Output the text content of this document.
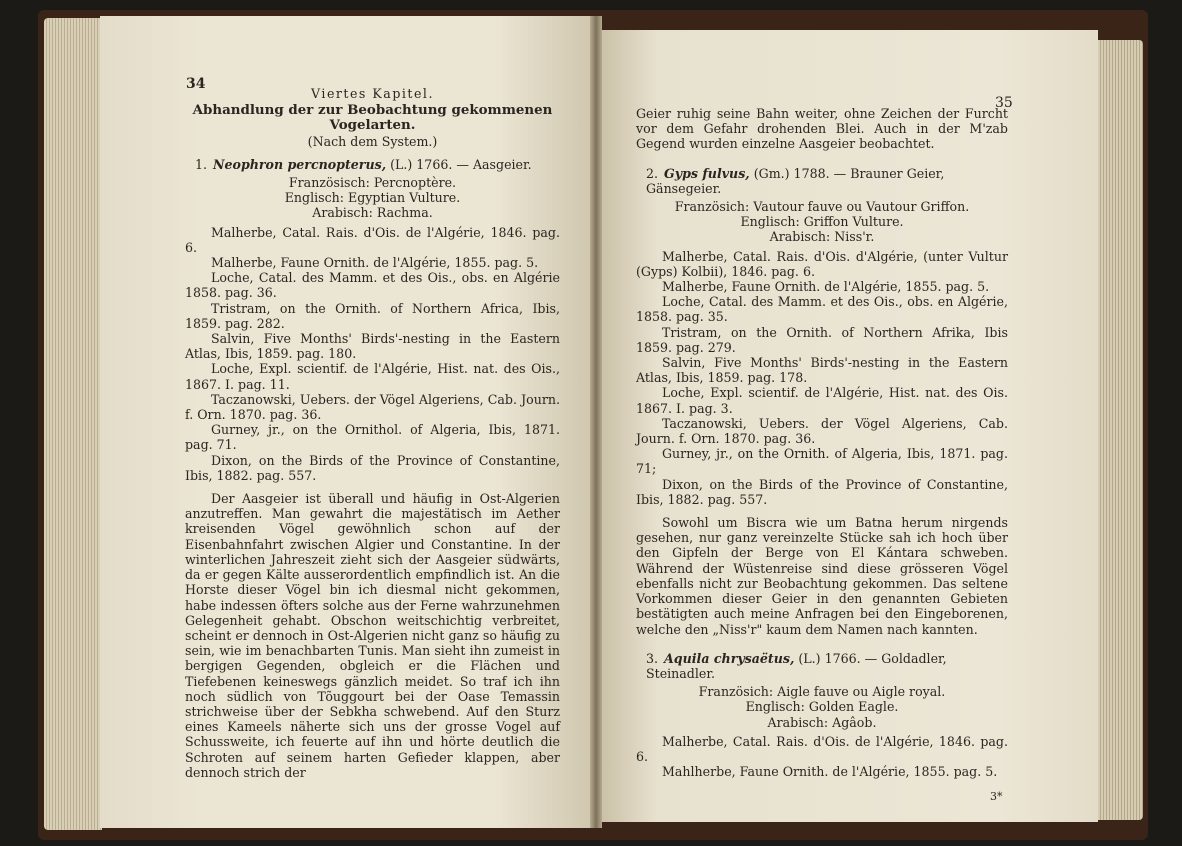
34
Viertes Kapitel.
Abhandlung der zur Beobachtung gekommenen Vogelarten.
(Nach dem System.)
1. Neophron percnopterus, (L.) 1766. — Aasgeier.
Französisch: Percnoptère.
Englisch: Egyptian Vulture.
Arabisch: Rachma.
Malherbe, Catal. Rais. d'Ois. de l'Algérie, 1846. pag. 6.
Malherbe, Faune Ornith. de l'Algérie, 1855. pag. 5.
Loche, Catal. des Mamm. et des Ois., obs. en Algérie 1858. pag. 36.
Tristram, on the Ornith. of Northern Africa, Ibis, 1859. pag. 282.
Salvin, Five Months' Birds'-nesting in the Eastern Atlas, Ibis, 1859. pag. 180.
Loche, Expl. scientif. de l'Algérie, Hist. nat. des Ois., 1867. I. pag. 11.
Taczanowski, Uebers. der Vögel Algeriens, Cab. Journ. f. Orn. 1870. pag. 36.
Gurney, jr., on the Ornithol. of Algeria, Ibis, 1871. pag. 71.
Dixon, on the Birds of the Province of Constantine, Ibis, 1882. pag. 557.
Der Aasgeier ist überall und häufig in Ost-Algerien anzutreffen. Man gewahrt die majestätisch im Aether kreisenden Vögel gewöhnlich schon auf der Eisenbahnfahrt zwischen Algier und Constantine. In der winterlichen Jahreszeit zieht sich der Aasgeier südwärts, da er gegen Kälte ausserordentlich empfindlich ist. An die Horste dieser Vögel bin ich diesmal nicht gekommen, habe indessen öfters solche aus der Ferne wahrzunehmen Gelegenheit gehabt. Obschon weitschichtig verbreitet, scheint er dennoch in Ost-Algerien nicht ganz so häufig zu sein, wie im benachbarten Tunis. Man sieht ihn zumeist in bergigen Gegenden, obgleich er die Flächen und Tiefebenen keineswegs gänzlich meidet. So traf ich ihn noch südlich von Tõuggourt bei der Oase Temassin strichweise über der Sebkha schwebend. Auf den Sturz eines Kameels näherte sich uns der grosse Vogel auf Schussweite, ich feuerte auf ihn und hörte deutlich die Schroten auf seinem harten Gefieder klappen, aber dennoch strich der
35
Geier ruhig seine Bahn weiter, ohne Zeichen der Furcht vor dem Gefahr drohenden Blei. Auch in der M'zab Gegend wurden einzelne Aasgeier beobachtet.
2. Gyps fulvus, (Gm.) 1788. — Brauner Geier, Gänsegeier.
Französich: Vautour fauve ou Vautour Griffon.
Englisch: Griffon Vulture.
Arabisch: Niss'r.
Malherbe, Catal. Rais. d'Ois. d'Algérie, (unter Vultur (Gyps) Kolbii), 1846. pag. 6.
Malherbe, Faune Ornith. de l'Algérie, 1855. pag. 5.
Loche, Catal. des Mamm. et des Ois., obs. en Algérie, 1858. pag. 35.
Tristram, on the Ornith. of Northern Afrika, Ibis 1859. pag. 279.
Salvin, Five Months' Birds'-nesting in the Eastern Atlas, Ibis, 1859. pag. 178.
Loche, Expl. scientif. de l'Algérie, Hist. nat. des Ois. 1867. I. pag. 3.
Taczanowski, Uebers. der Vögel Algeriens, Cab. Journ. f. Orn. 1870. pag. 36.
Gurney, jr., on the Ornith. of Algeria, Ibis, 1871. pag. 71;
Dixon, on the Birds of the Province of Constantine, Ibis, 1882. pag. 557.
Sowohl um Biscra wie um Batna herum nirgends gesehen, nur ganz vereinzelte Stücke sah ich hoch über den Gipfeln der Berge von El Kántara schweben. Während der Wüstenreise sind diese grösseren Vögel ebenfalls nicht zur Beobachtung gekommen. Das seltene Vorkommen dieser Geier in den genannten Gebieten bestätigten auch meine Anfragen bei den Eingeborenen, welche den „Niss'r" kaum dem Namen nach kannten.
3. Aquila chrysaëtus, (L.) 1766. — Goldadler, Steinadler.
Französich: Aigle fauve ou Aigle royal.
Englisch: Golden Eagle.
Arabisch: Agâob.
Malherbe, Catal. Rais. d'Ois. de l'Algérie, 1846. pag. 6.
Mahlherbe, Faune Ornith. de l'Algérie, 1855. pag. 5.
3*
